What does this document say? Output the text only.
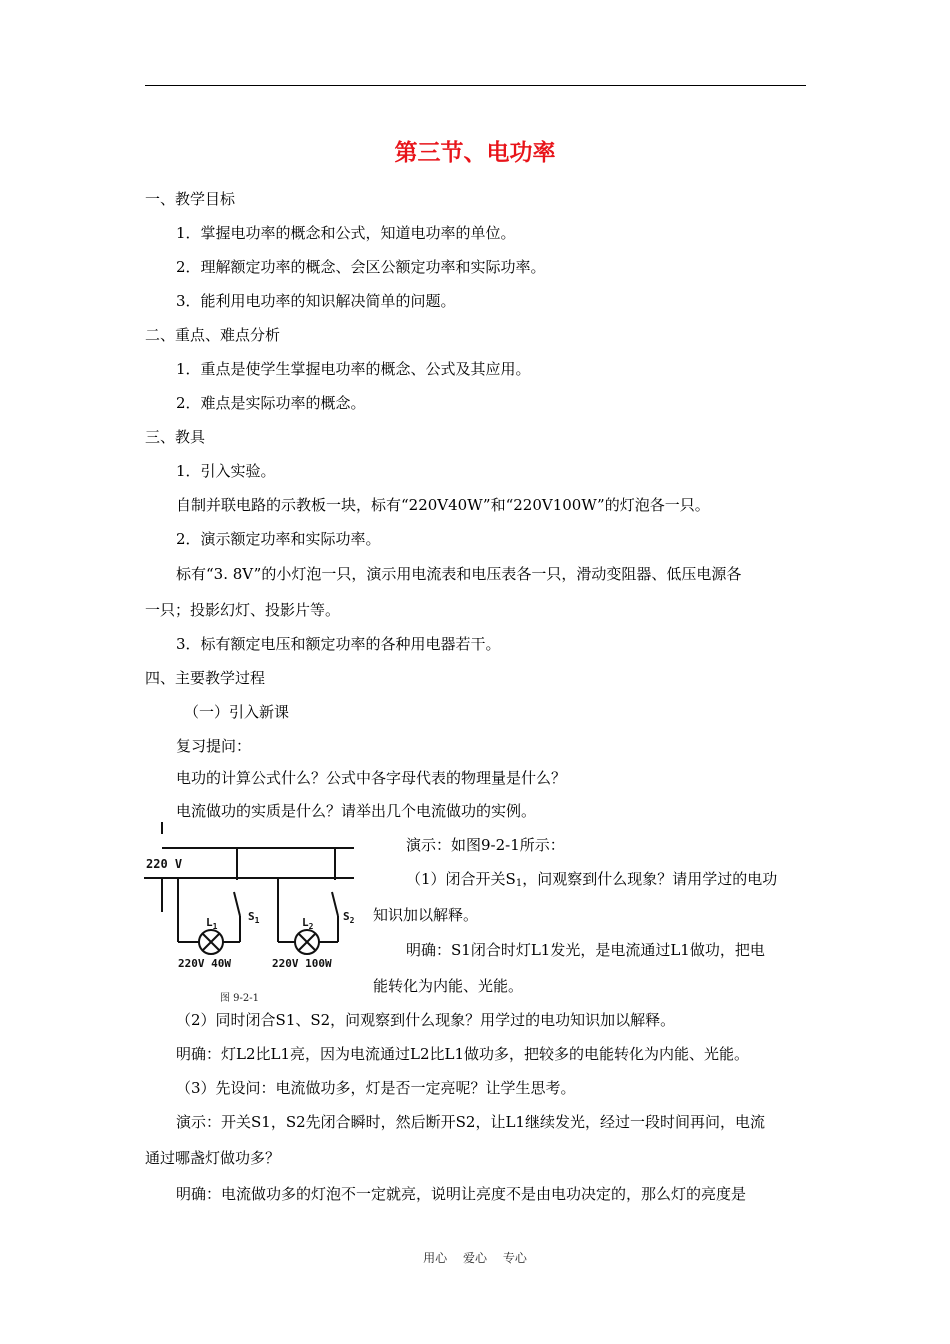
第三节、电功率
一、教学目标
1．掌握电功率的概念和公式，知道电功率的单位。
2．理解额定功率的概念、会区公额定功率和实际功率。
3．能利用电功率的知识解决简单的问题。
二、重点、难点分析
1．重点是使学生掌握电功率的概念、公式及其应用。
2．难点是实际功率的概念。
三、教具
1．引入实验。
自制并联电路的示教板一块，标有“220V40W”和“220V100W”的灯泡各一只。
2．演示额定功率和实际功率。
标有“3. 8V”的小灯泡一只，演示用电流表和电压表各一只，滑动变阻器、低压电源各
一只；投影幻灯、投影片等。
3．标有额定电压和额定功率的各种用电器若干。
四、主要教学过程
（一）引入新课
复习提问：
电功的计算公式什么？公式中各字母代表的物理量是什么？
电流做功的实质是什么？请举出几个电流做功的实例。
220 V
$L_1$	$L_2$
$S_1$	$S_2$
220V 40W	220V 100W
图 9-2-1
演示：如图9-2-1所示：
（1）闭合开关$S_1$，问观察到什么现象？请用学过的电功
知识加以解释。
明确：S1闭合时灯L1发光，是电流通过L1做功，把电
能转化为内能、光能。
（2）同时闭合S1、S2，问观察到什么现象？用学过的电功知识加以解释。
明确：灯L2比L1亮，因为电流通过L2比L1做功多，把较多的电能转化为内能、光能。
（3）先设问：电流做功多，灯是否一定亮呢？让学生思考。
演示：开关S1，S2先闭合瞬时，然后断开S2，让L1继续发光，经过一段时间再问，电流
通过哪盏灯做功多？
明确：电流做功多的灯泡不一定就亮，说明让亮度不是由电功决定的，那么灯的亮度是
用心 爱心 专心
